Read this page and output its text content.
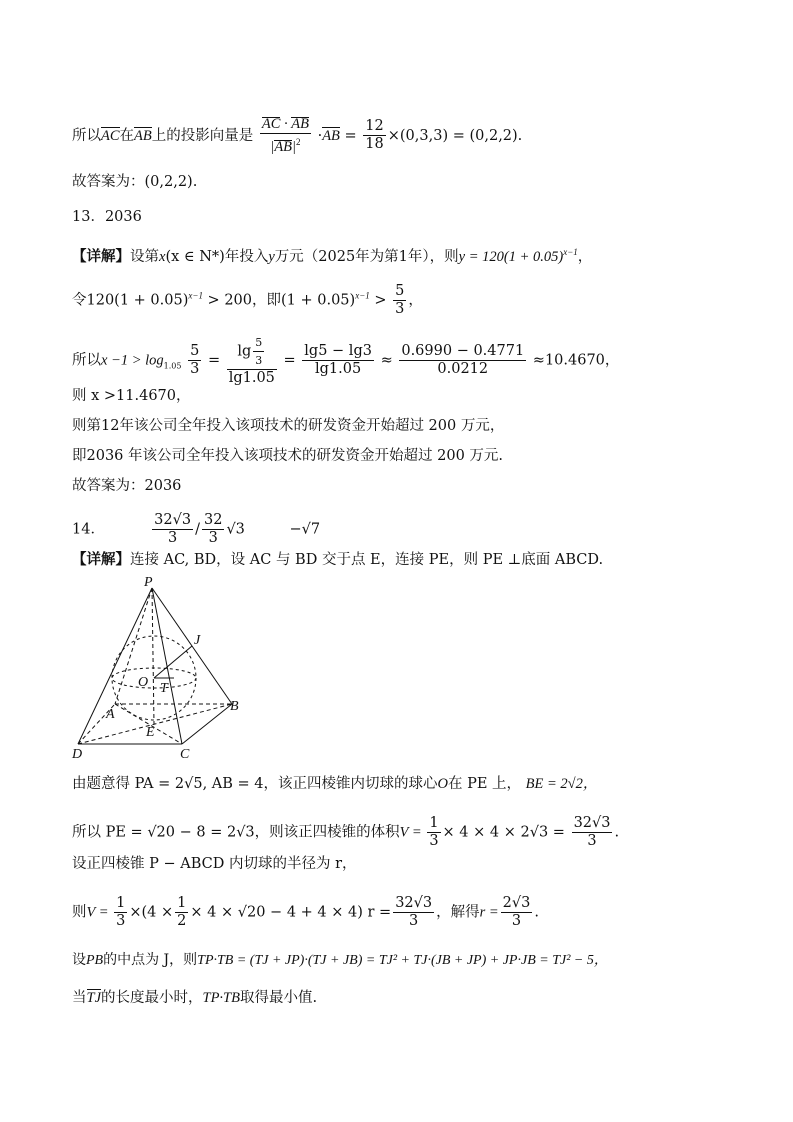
所以AC在AB上的投影向量是 $\frac{AC \cdot AB}{|AB|^2} \cdot AB = \frac{12}{18} \times(0,3,3) = (0,2,2)$.
故答案为：(0,2,2).
13．2036
【详解】设第x(x ∈ N*)年投入y万元（2025年为第1年），则$y = 120(1 + 0.05)^{x-1}$，
令$120(1 + 0.05)^{x-1} > 200$，即$(1 + 0.05)^{x-1} > \frac{5}{3}$ ，
所以$x -1 > \log_{1.05} \frac{5}{3} = \frac{\lg \frac{5}{3}}{\lg 1.05} = \frac{\lg 5 - \lg 3}{\lg 1.05} \approx \frac{0.6990 - 0.4771}{0.0212} \approx 10.4670$，
则 x >11.4670，
则第12年该公司全年投入该项技术的研发资金开始超过 200 万元，
即2036 年该公司全年投入该项技术的研发资金开始超过 200 万元.
故答案为：2036
14．	$\frac{32√3}{3} / \frac{32}{3} √3$	−√7
【详解】连接 AC, BD，设 AC 与 BD 交于点 E，连接 PE，则 PE ⊥底面 ABCD.
P
J
O T
A
B
E
D	C
由题意得 PA = 2√5, AB = 4，该正四棱锥内切球的球心O在 PE 上， BE = 2√2，
所以 PE = √20 − 8 = 2√3，则该正四棱锥的体积$V = \frac{1}{3} \times 4 \times 4 \times 2√3 = \frac{32√3}{3}$ .
设正四棱锥 P − ABCD 内切球的半径为 r，
则$V = \frac{1}{3} \times(4 \times \frac{1}{2} \times 4 \times √20 - 4 + 4 \times 4) r = \frac{32√3}{3}$ ，解得$r = \frac{2√3}{3}$ .
设PB的中点为 J，则TP·TB = (TJ + JP)·(TJ + JB) = TJ² + TJ·(JB + JP) + JP·JB = TJ² − 5，
当TJ的长度最小时，TP·TB取得最小值.
